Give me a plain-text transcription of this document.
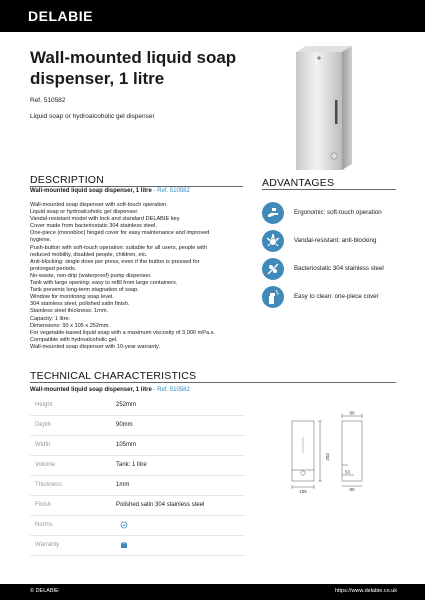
DELABIE
Wall-mounted liquid soap dispenser, 1 litre
Ref. 510582
Liquid soap or hydroalcoholic gel dispenser
DESCRIPTION
Wall-mounted liquid soap dispenser, 1 litre - Ref. 510582
Wall-mounted soap dispenser with soft-touch operation.
Liquid soap or hydroalcoholic gel dispenser.
Vandal-resistant model with lock and standard DELABIE key.
Cover made from bacteriostatic 304 stainless steel.
One-piece (monobloc) hinged cover for easy maintenance and improved
hygiene.
Push-button with soft-touch operation: suitable for all users, people with
reduced mobility, disabled people, children, etc.
Anti-blocking: single dose per press, even if the button is pressed for
prolonged periods.
No-waste, non-drip (waterproof) pump dispenser.
Tank with large opening: easy to refill from large containers.
Tank prevents long-term stagnation of soap.
Window for monitoring soap level.
304 stainless steel, polished satin finish.
Stainless steel thickness: 1mm.
Capacity: 1 litre.
Dimensions: 90 x 105 x 252mm.
For vegetable-based liquid soap with a maximum viscosity of 3,000 mPa.s.
Compatible with hydroalcoholic gel.
Wall-mounted soap dispenser with 10-year warranty.
ADVANTAGES
Ergonomic: soft-touch operation
Vandal-resistant: anti-blocking
Bacteriostatic 304 stainless steel
Easy to clean: one-piece cover
TECHNICAL CHARACTERISTICS
Wall-mounted liquid soap dispenser, 1 litre - Ref. 510582
Height	252mm
Depth	90mm
Width	105mm
Volume	Tank: 1 litre
Thickness	1mm
Finish	Polished satin 304 stainless steel
Norms
Warranty
90
252
105
53
90
© DELABIE	https://www.delabie.co.uk
